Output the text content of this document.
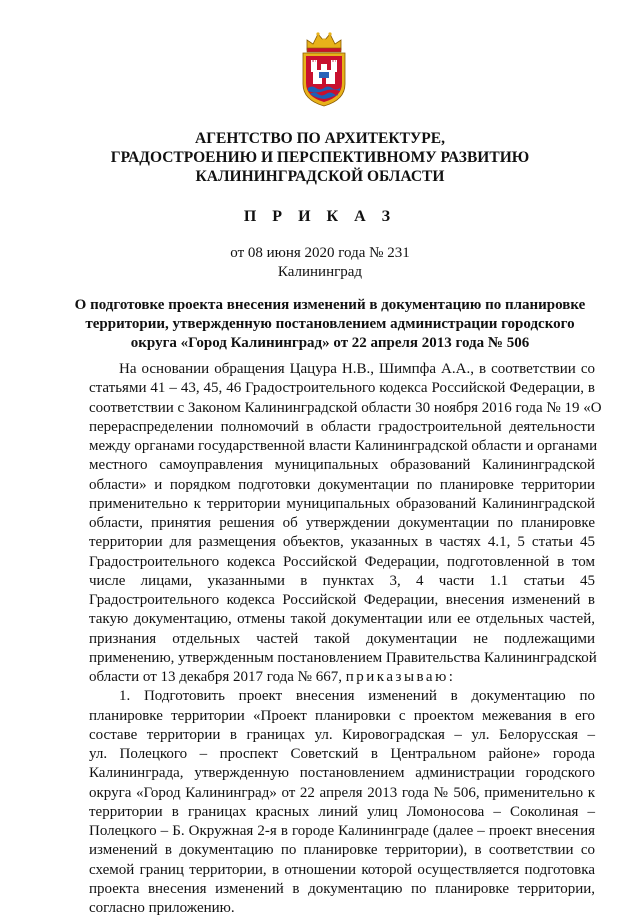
АГЕНТСТВО ПО АРХИТЕКТУРЕ,
ГРАДОСТРОЕНИЮ И ПЕРСПЕКТИВНОМУ РАЗВИТИЮ
КАЛИНИНГРАДСКОЙ ОБЛАСТИ
П Р И К А З
от 08 июня 2020 года № 231
Калининград
О подготовке проекта внесения изменений в документацию по планировке
территории, утвержденную постановлением администрации городского
округа «Город Калининград» от 22 апреля 2013 года № 506
На основании обращения Цацура Н.В., Шимпфа А.А., в соответствии со
статьями 41 – 43, 45, 46 Градостроительного кодекса Российской Федерации, в
соответствии с Законом Калининградской области 30 ноября 2016 года № 19 «О
перераспределении полномочий в области градостроительной деятельности
между органами государственной власти Калининградской области и органами
местного самоуправления муниципальных образований Калининградской
области» и порядком подготовки документации по планировке территории
применительно к территории муниципальных образований Калининградской
области, принятия решения об утверждении документации по планировке
территории для размещения объектов, указанных в частях 4.1, 5 статьи 45
Градостроительного кодекса Российской Федерации, подготовленной в том
числе лицами, указанными в пунктах 3, 4 части 1.1 статьи 45
Градостроительного кодекса Российской Федерации, внесения изменений в
такую документацию, отмены такой документации или ее отдельных частей,
признания отдельных частей такой документации не подлежащими
применению, утвержденным постановлением Правительства Калининградской
области от 13 декабря 2017 года № 667, приказываю:
1. Подготовить проект внесения изменений в документацию по
планировке территории «Проект планировки с проектом межевания в его
составе территории в границах ул. Кировоградская – ул. Белорусская –
ул. Полецкого – проспект Советский в Центральном районе» города
Калининграда, утвержденную постановлением администрации городского
округа «Город Калининград» от 22 апреля 2013 года № 506, применительно к
территории в границах красных линий улиц Ломоносова – Соколиная –
Полецкого – Б. Окружная 2-я в городе Калининграде (далее – проект внесения
изменений в документацию по планировке территории), в соответствии со
схемой границ территории, в отношении которой осуществляется подготовка
проекта внесения изменений в документацию по планировке территории,
согласно приложению.
